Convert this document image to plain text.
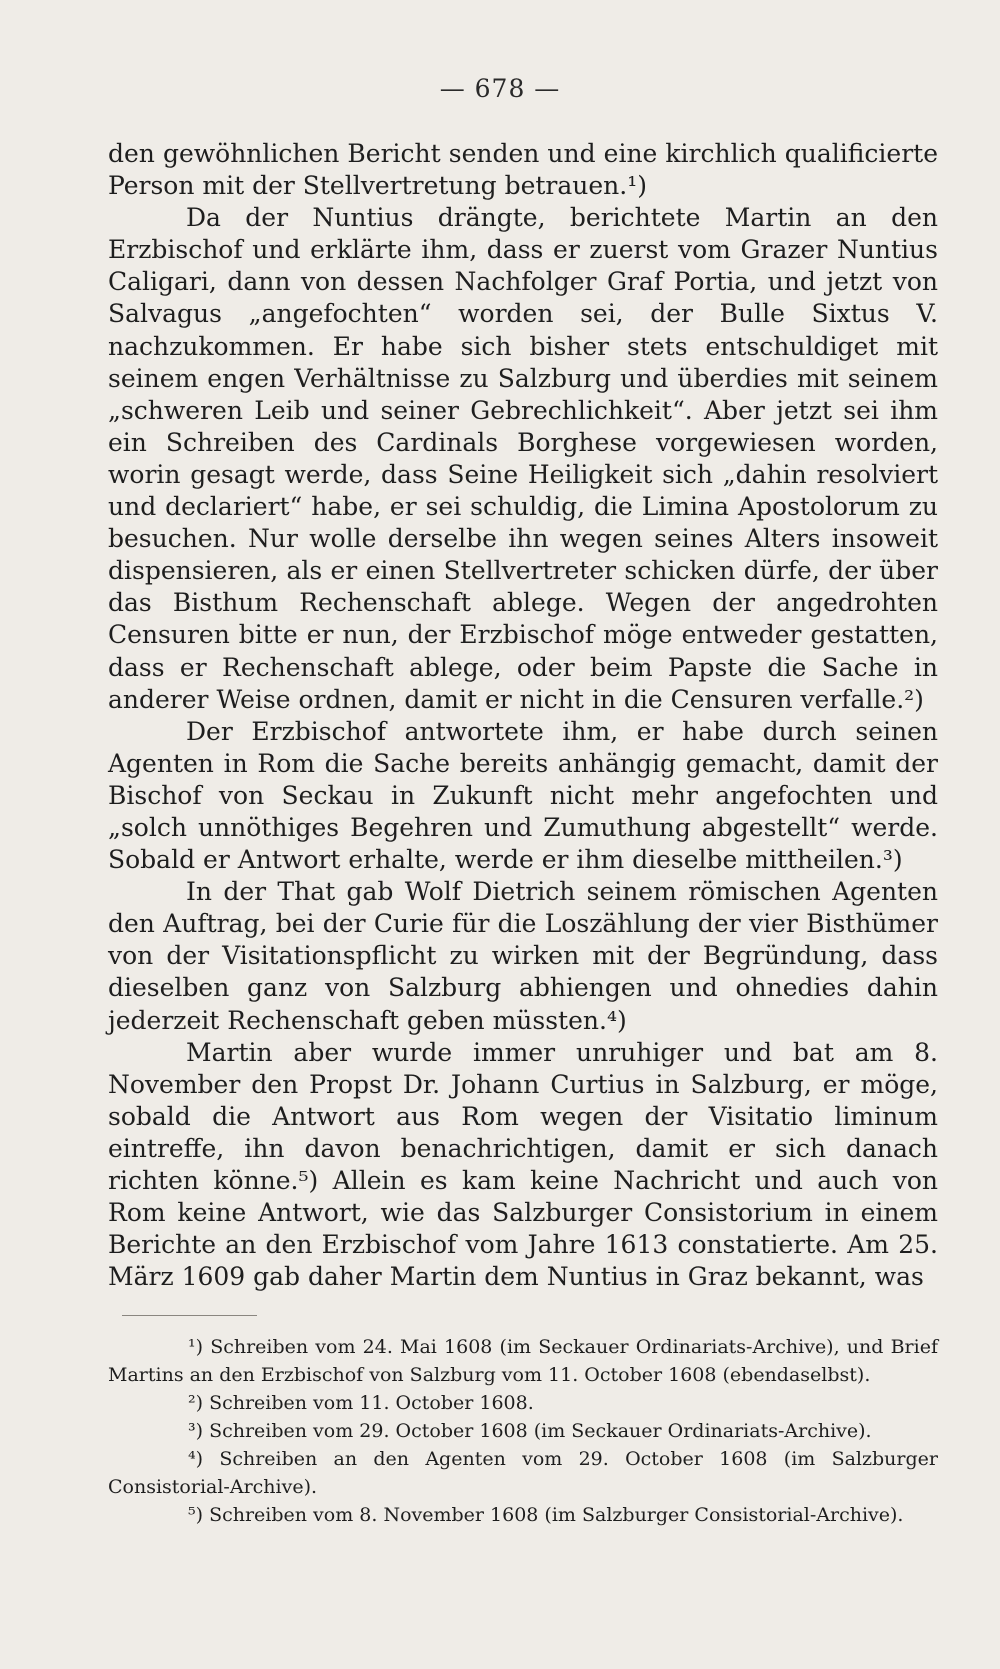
— 678 —

den gewöhnlichen Bericht senden und eine kirchlich qualificierte Person mit der Stellvertretung betrauen.¹)

Da der Nuntius drängte, berichtete Martin an den Erzbischof und erklärte ihm, dass er zuerst vom Grazer Nuntius Caligari, dann von dessen Nachfolger Graf Portia, und jetzt von Salvagus „angefochten“ worden sei, der Bulle Sixtus V. nachzukommen. Er habe sich bisher stets entschuldiget mit seinem engen Verhältnisse zu Salzburg und überdies mit seinem „schweren Leib und seiner Gebrechlichkeit“. Aber jetzt sei ihm ein Schreiben des Cardinals Borghese vorgewiesen worden, worin gesagt werde, dass Seine Heiligkeit sich „dahin resolviert und declariert“ habe, er sei schuldig, die Limina Apostolorum zu besuchen. Nur wolle derselbe ihn wegen seines Alters insoweit dispensieren, als er einen Stellvertreter schicken dürfe, der über das Bisthum Rechenschaft ablege. Wegen der angedrohten Censuren bitte er nun, der Erzbischof möge entweder gestatten, dass er Rechenschaft ablege, oder beim Papste die Sache in anderer Weise ordnen, damit er nicht in die Censuren verfalle.²)

Der Erzbischof antwortete ihm, er habe durch seinen Agenten in Rom die Sache bereits anhängig gemacht, damit der Bischof von Seckau in Zukunft nicht mehr angefochten und „solch unnöthiges Begehren und Zumuthung abgestellt“ werde. Sobald er Antwort erhalte, werde er ihm dieselbe mittheilen.³)

In der That gab Wolf Dietrich seinem römischen Agenten den Auftrag, bei der Curie für die Loszählung der vier Bisthümer von der Visitationspflicht zu wirken mit der Begründung, dass dieselben ganz von Salzburg abhiengen und ohnedies dahin jederzeit Rechenschaft geben müssten.⁴)

Martin aber wurde immer unruhiger und bat am 8. November den Propst Dr. Johann Curtius in Salzburg, er möge, sobald die Antwort aus Rom wegen der Visitatio liminum eintreffe, ihn davon benachrichtigen, damit er sich danach richten könne.⁵) Allein es kam keine Nachricht und auch von Rom keine Antwort, wie das Salzburger Consistorium in einem Berichte an den Erzbischof vom Jahre 1613 constatierte. Am 25. März 1609 gab daher Martin dem Nuntius in Graz bekannt, was

¹) Schreiben vom 24. Mai 1608 (im Seckauer Ordinariats-Archive), und Brief Martins an den Erzbischof von Salzburg vom 11. October 1608 (ebendaselbst).

²) Schreiben vom 11. October 1608.

³) Schreiben vom 29. October 1608 (im Seckauer Ordinariats-Archive).

⁴) Schreiben an den Agenten vom 29. October 1608 (im Salzburger Consistorial-Archive).

⁵) Schreiben vom 8. November 1608 (im Salzburger Consistorial-Archive).
